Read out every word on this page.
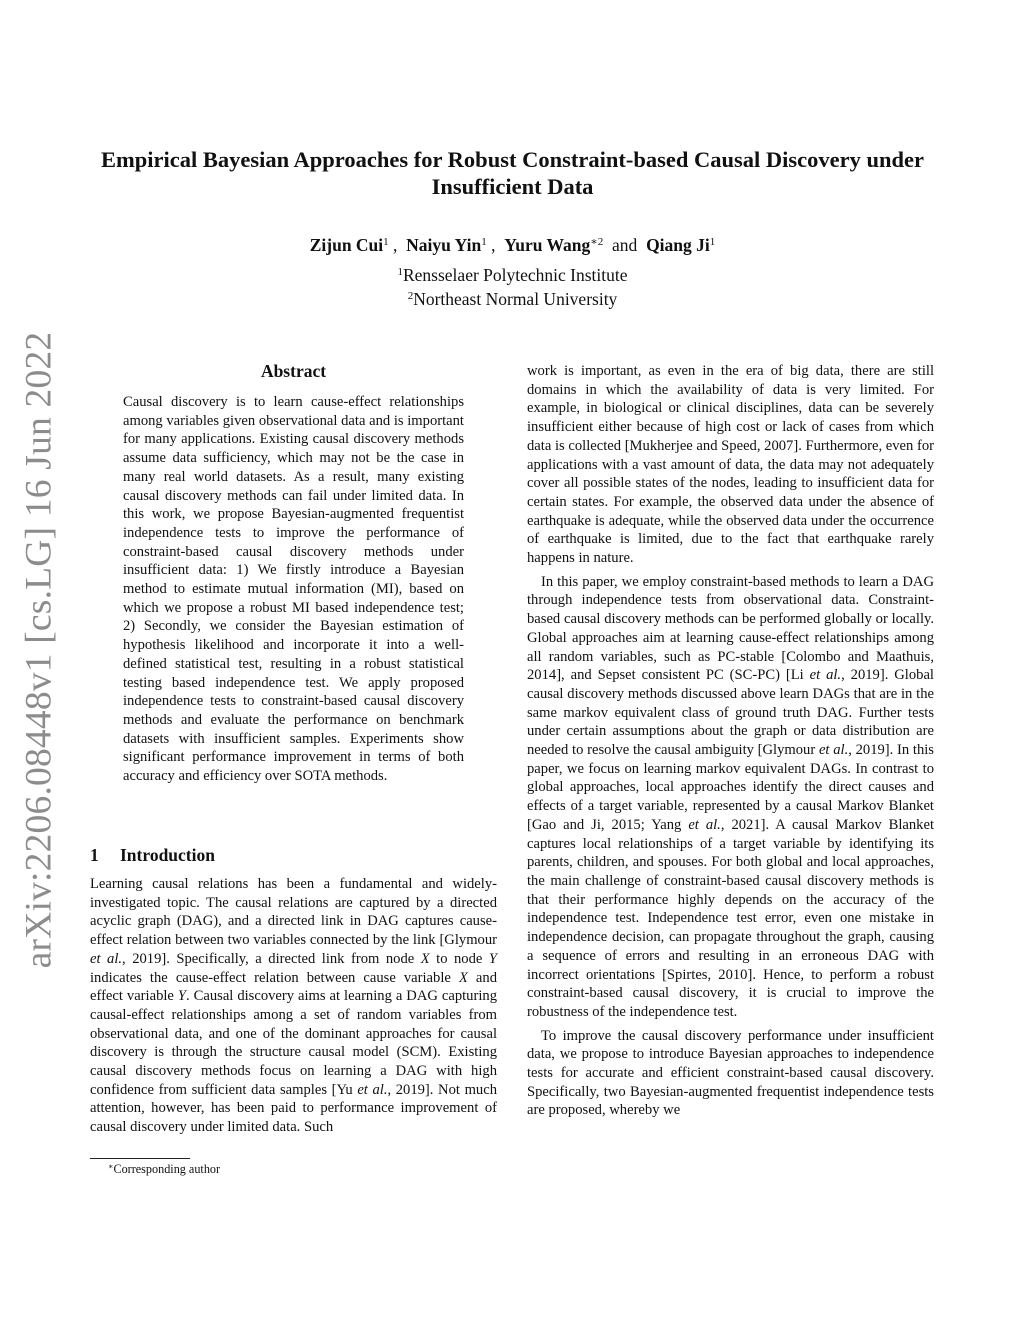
arXiv:2206.08448v1 [cs.LG] 16 Jun 2022
Empirical Bayesian Approaches for Robust Constraint-based Causal Discovery under Insufficient Data
Zijun Cui$^1$ ,  Naiyu Yin$^1$ ,  Yuru Wang$^{∗2}$ and Qiang Ji$^1$
$^1$Rensselaer Polytechnic Institute
$^2$Northeast Normal University
Abstract
Causal discovery is to learn cause-effect relationships among variables given observational data and is important for many applications. Existing causal discovery methods assume data sufficiency, which may not be the case in many real world datasets. As a result, many existing causal discovery methods can fail under limited data. In this work, we propose Bayesian-augmented frequentist independence tests to improve the performance of constraint-based causal discovery methods under insufficient data: 1) We firstly introduce a Bayesian method to estimate mutual information (MI), based on which we propose a robust MI based independence test; 2) Secondly, we consider the Bayesian estimation of hypothesis likelihood and incorporate it into a well-defined statistical test, resulting in a robust statistical testing based independence test. We apply proposed independence tests to constraint-based causal discovery methods and evaluate the performance on benchmark datasets with insufficient samples. Experiments show significant performance improvement in terms of both accuracy and efficiency over SOTA methods.
1 Introduction

Learning causal relations has been a fundamental and widely-investigated topic. The causal relations are captured by a directed acyclic graph (DAG), and a directed link in DAG captures cause-effect relation between two variables connected by the link [Glymour et al., 2019]. Specifically, a directed link from node X to node Y indicates the cause-effect relation between cause variable X and effect variable Y. Causal discovery aims at learning a DAG capturing causal-effect relationships among a set of random variables from observational data, and one of the dominant approaches for causal discovery is through the structure causal model (SCM). Existing causal discovery methods focus on learning a DAG with high confidence from sufficient data samples [Yu et al., 2019]. Not much attention, however, has been paid to performance improvement of causal discovery under limited data. Such

∗Corresponding author

work is important, as even in the era of big data, there are still domains in which the availability of data is very limited. For example, in biological or clinical disciplines, data can be severely insufficient either because of high cost or lack of cases from which data is collected [Mukherjee and Speed, 2007]. Furthermore, even for applications with a vast amount of data, the data may not adequately cover all possible states of the nodes, leading to insufficient data for certain states. For example, the observed data under the absence of earthquake is adequate, while the observed data under the occurrence of earthquake is limited, due to the fact that earthquake rarely happens in nature.

In this paper, we employ constraint-based methods to learn a DAG through independence tests from observational data. Constraint-based causal discovery methods can be performed globally or locally. Global approaches aim at learning cause-effect relationships among all random variables, such as PC-stable [Colombo and Maathuis, 2014], and Sepset consistent PC (SC-PC) [Li et al., 2019]. Global causal discovery methods discussed above learn DAGs that are in the same markov equivalent class of ground truth DAG. Further tests under certain assumptions about the graph or data distribution are needed to resolve the causal ambiguity [Glymour et al., 2019]. In this paper, we focus on learning markov equivalent DAGs. In contrast to global approaches, local approaches identify the direct causes and effects of a target variable, represented by a causal Markov Blanket [Gao and Ji, 2015; Yang et al., 2021]. A causal Markov Blanket captures local relationships of a target variable by identifying its parents, children, and spouses. For both global and local approaches, the main challenge of constraint-based causal discovery methods is that their performance highly depends on the accuracy of the independence test. Independence test error, even one mistake in independence decision, can propagate throughout the graph, causing a sequence of errors and resulting in an erroneous DAG with incorrect orientations [Spirtes, 2010]. Hence, to perform a robust constraint-based causal discovery, it is crucial to improve the robustness of the independence test.

To improve the causal discovery performance under insufficient data, we propose to introduce Bayesian approaches to independence tests for accurate and efficient constraint-based causal discovery. Specifically, two Bayesian-augmented frequentist independence tests are proposed, whereby we
